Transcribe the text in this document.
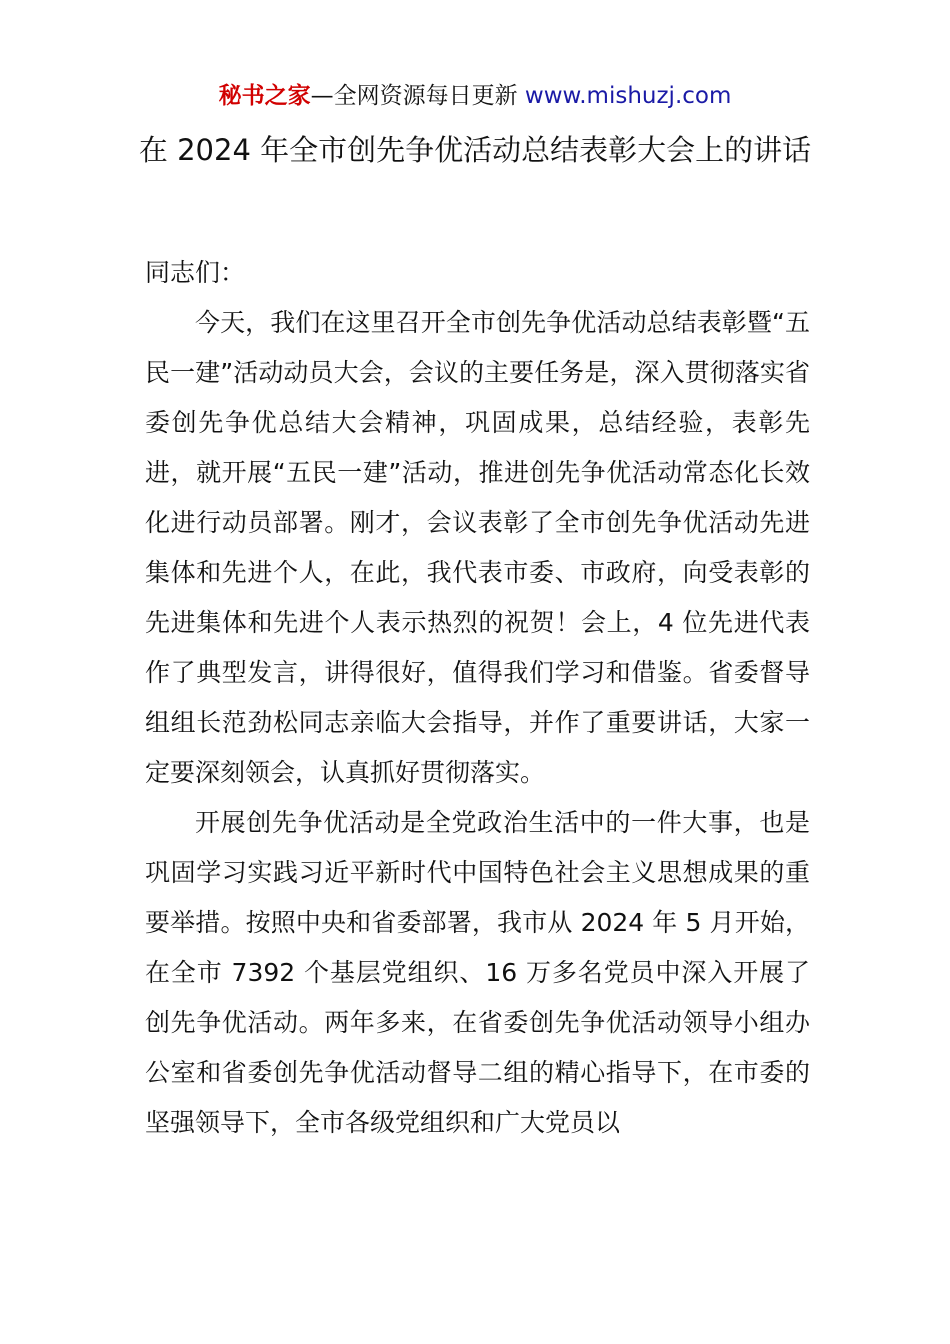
秘书之家—全网资源每日更新 www.mishuzj.com
在 2024 年全市创先争优活动总结表彰大会上的讲话

同志们：

今天，我们在这里召开全市创先争优活动总结表彰暨“五民一建”活动动员大会，会议的主要任务是，深入贯彻落实省委创先争优总结大会精神，巩固成果，总结经验，表彰先进，就开展“五民一建”活动，推进创先争优活动常态化长效化进行动员部署。刚才，会议表彰了全市创先争优活动先进集体和先进个人，在此，我代表市委、市政府，向受表彰的先进集体和先进个人表示热烈的祝贺！会上，4 位先进代表作了典型发言，讲得很好，值得我们学习和借鉴。省委督导组组长范劲松同志亲临大会指导，并作了重要讲话，大家一定要深刻领会，认真抓好贯彻落实。

开展创先争优活动是全党政治生活中的一件大事，也是巩固学习实践习近平新时代中国特色社会主义思想成果的重要举措。按照中央和省委部署，我市从 2024 年 5 月开始，在全市 7392 个基层党组织、16 万多名党员中深入开展了创先争优活动。两年多来，在省委创先争优活动领导小组办公室和省委创先争优活动督导二组的精心指导下，在市委的坚强领导下，全市各级党组织和广大党员以
